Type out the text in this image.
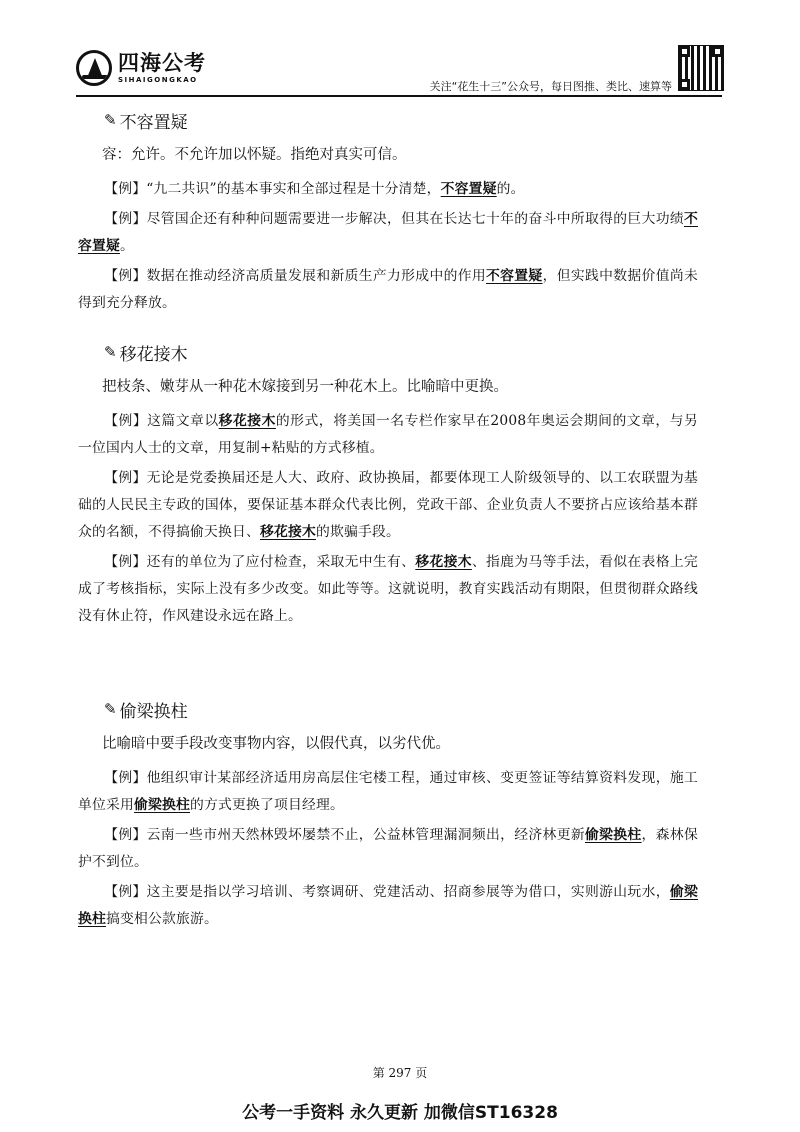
四海公考
SIHAIGONGKAO
关注“花生十三”公众号，每日图推、类比、速算等
✎ 不容置疑
容：允许。不允许加以怀疑。指绝对真实可信。

【例】“九二共识”的基本事实和全部过程是十分清楚，不容置疑的。

【例】尽管国企还有种种问题需要进一步解决，但其在长达七十年的奋斗中所取得的巨大功绩不容置疑。

【例】数据在推动经济高质量发展和新质生产力形成中的作用不容置疑，但实践中数据价值尚未得到充分释放。

✎ 移花接木
把枝条、嫩芽从一种花木嫁接到另一种花木上。比喻暗中更换。

【例】这篇文章以移花接木的形式，将美国一名专栏作家早在2008年奥运会期间的文章，与另一位国内人士的文章，用复制+粘贴的方式移植。

【例】无论是党委换届还是人大、政府、政协换届，都要体现工人阶级领导的、以工农联盟为基础的人民民主专政的国体，要保证基本群众代表比例，党政干部、企业负责人不要挤占应该给基本群众的名额，不得搞偷天换日、移花接木的欺骗手段。

【例】还有的单位为了应付检查，采取无中生有、移花接木、指鹿为马等手法，看似在表格上完成了考核指标，实际上没有多少改变。如此等等。这就说明，教育实践活动有期限，但贯彻群众路线没有休止符，作风建设永远在路上。

✎ 偷梁换柱
比喻暗中要手段改变事物内容，以假代真，以劣代优。

【例】他组织审计某部经济适用房高层住宅楼工程，通过审核、变更签证等结算资料发现，施工单位采用偷梁换柱的方式更换了项目经理。

【例】云南一些市州天然林毁坏屡禁不止，公益林管理漏洞频出，经济林更新偷梁换柱，森林保护不到位。

【例】这主要是指以学习培训、考察调研、党建活动、招商参展等为借口，实则游山玩水，偷梁换柱搞变相公款旅游。

第 297 页
公考一手资料 永久更新 加微信ST16328
